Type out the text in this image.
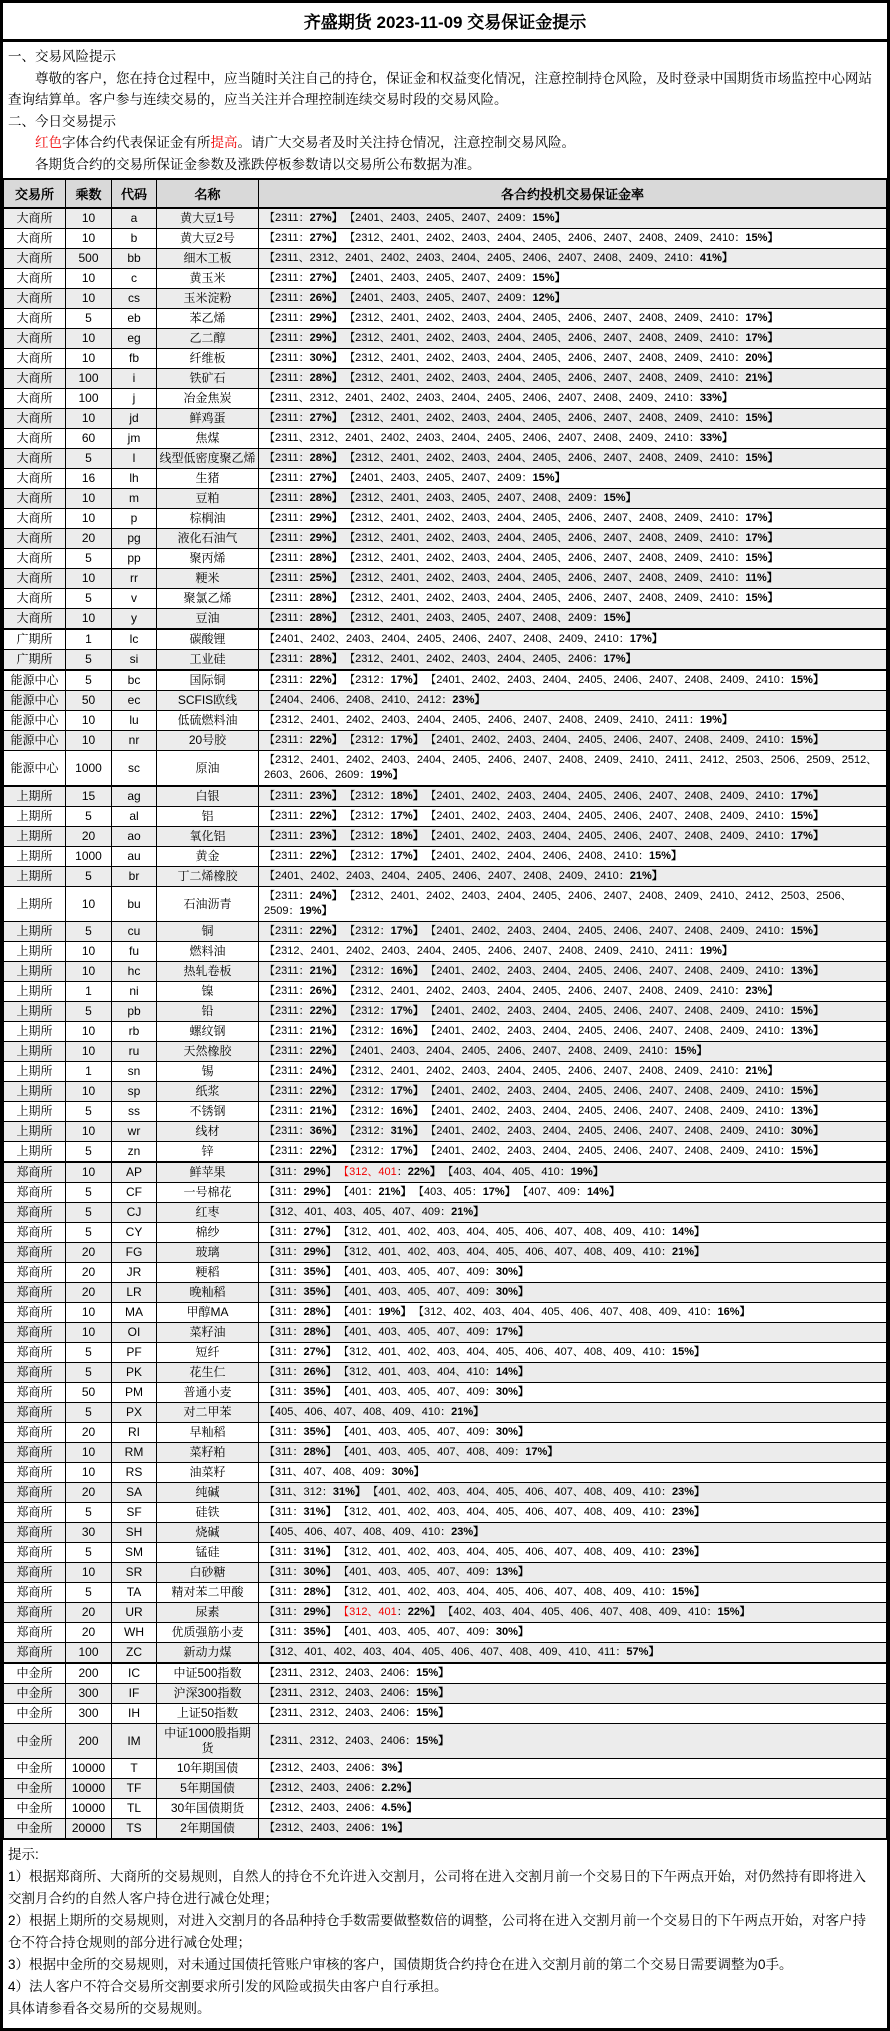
齐盛期货 2023-11-09 交易保证金提示

一、交易风险提示

尊敬的客户，您在持仓过程中，应当随时关注自己的持仓，保证金和权益变化情况，注意控制持仓风险，及时登录中国期货市场监控中心网站查询结算单。客户参与连续交易的，应当关注并合理控制连续交易时段的交易风险。

二、今日交易提示

红色字体合约代表保证金有所提高。请广大交易者及时关注持仓情况，注意控制交易风险。

各期货合约的交易所保证金参数及涨跌停板参数请以交易所公布数据为准。

交易所	乘数	代码	名称	各合约投机交易保证金率
大商所	10	a	黄大豆1号	【2311：27%】 【2401、2403、2405、2407、2409：15%】
大商所	10	b	黄大豆2号	【2311：27%】 【2312、2401、2402、2403、2404、2405、2406、2407、2408、2409、2410：15%】
大商所	500	bb	细木工板	【2311、2312、2401、2402、2403、2404、2405、2406、2407、2408、2409、2410：41%】
大商所	10	c	黄玉米	【2311：27%】 【2401、2403、2405、2407、2409：15%】
大商所	10	cs	玉米淀粉	【2311：26%】 【2401、2403、2405、2407、2409：12%】
大商所	5	eb	苯乙烯	【2311：29%】 【2312、2401、2402、2403、2404、2405、2406、2407、2408、2409、2410：17%】
大商所	10	eg	乙二醇	【2311：29%】 【2312、2401、2402、2403、2404、2405、2406、2407、2408、2409、2410：17%】
大商所	10	fb	纤维板	【2311：30%】 【2312、2401、2402、2403、2404、2405、2406、2407、2408、2409、2410：20%】
大商所	100	i	铁矿石	【2311：28%】 【2312、2401、2402、2403、2404、2405、2406、2407、2408、2409、2410：21%】
大商所	100	j	冶金焦炭	【2311、2312、2401、2402、2403、2404、2405、2406、2407、2408、2409、2410：33%】
大商所	10	jd	鲜鸡蛋	【2311：27%】 【2312、2401、2402、2403、2404、2405、2406、2407、2408、2409、2410：15%】
大商所	60	jm	焦煤	【2311、2312、2401、2402、2403、2404、2405、2406、2407、2408、2409、2410：33%】
大商所	5	l	线型低密度聚乙烯	【2311：28%】 【2312、2401、2402、2403、2404、2405、2406、2407、2408、2409、2410：15%】
大商所	16	lh	生猪	【2311：27%】 【2401、2403、2405、2407、2409：15%】
大商所	10	m	豆粕	【2311：28%】 【2312、2401、2403、2405、2407、2408、2409：15%】
大商所	10	p	棕榈油	【2311：29%】 【2312、2401、2402、2403、2404、2405、2406、2407、2408、2409、2410：17%】
大商所	20	pg	液化石油气	【2311：29%】 【2312、2401、2402、2403、2404、2405、2406、2407、2408、2409、2410：17%】
大商所	5	pp	聚丙烯	【2311：28%】 【2312、2401、2402、2403、2404、2405、2406、2407、2408、2409、2410：15%】
大商所	10	rr	粳米	【2311：25%】 【2312、2401、2402、2403、2404、2405、2406、2407、2408、2409、2410：11%】
大商所	5	v	聚氯乙烯	【2311：28%】 【2312、2401、2402、2403、2404、2405、2406、2407、2408、2409、2410：15%】
大商所	10	y	豆油	【2311：28%】 【2312、2401、2403、2405、2407、2408、2409：15%】
广期所	1	lc	碳酸锂	【2401、2402、2403、2404、2405、2406、2407、2408、2409、2410：17%】
广期所	5	si	工业硅	【2311：28%】 【2312、2401、2402、2403、2404、2405、2406：17%】
能源中心	5	bc	国际铜	【2311：22%】 【2312：17%】 【2401、2402、2403、2404、2405、2406、2407、2408、2409、2410：15%】
能源中心	50	ec	SCFIS欧线	【2404、2406、2408、2410、2412：23%】
能源中心	10	lu	低硫燃料油	【2312、2401、2402、2403、2404、2405、2406、2407、2408、2409、2410、2411：19%】
能源中心	10	nr	20号胶	【2311：22%】 【2312：17%】 【2401、2402、2403、2404、2405、2406、2407、2408、2409、2410：15%】
能源中心	1000	sc	原油	【2312、2401、2402、2403、2404、2405、2406、2407、2408、2409、2410、2411、2412、2503、2506、2509、2512、2603、2606、2609：19%】
上期所	15	ag	白银	【2311：23%】 【2312：18%】 【2401、2402、2403、2404、2405、2406、2407、2408、2409、2410：17%】
上期所	5	al	铝	【2311：22%】 【2312：17%】 【2401、2402、2403、2404、2405、2406、2407、2408、2409、2410：15%】
上期所	20	ao	氧化铝	【2311：23%】 【2312：18%】 【2401、2402、2403、2404、2405、2406、2407、2408、2409、2410：17%】
上期所	1000	au	黄金	【2311：22%】 【2312：17%】 【2401、2402、2404、2406、2408、2410：15%】
上期所	5	br	丁二烯橡胶	【2401、2402、2403、2404、2405、2406、2407、2408、2409、2410：21%】
上期所	10	bu	石油沥青	【2311：24%】 【2312、2401、2402、2403、2404、2405、2406、2407、2408、2409、2410、2412、2503、2506、2509：19%】
上期所	5	cu	铜	【2311：22%】 【2312：17%】 【2401、2402、2403、2404、2405、2406、2407、2408、2409、2410：15%】
上期所	10	fu	燃料油	【2312、2401、2402、2403、2404、2405、2406、2407、2408、2409、2410、2411：19%】
上期所	10	hc	热轧卷板	【2311：21%】 【2312：16%】 【2401、2402、2403、2404、2405、2406、2407、2408、2409、2410：13%】
上期所	1	ni	镍	【2311：26%】 【2312、2401、2402、2403、2404、2405、2406、2407、2408、2409、2410：23%】
上期所	5	pb	铅	【2311：22%】 【2312：17%】 【2401、2402、2403、2404、2405、2406、2407、2408、2409、2410：15%】
上期所	10	rb	螺纹钢	【2311：21%】 【2312：16%】 【2401、2402、2403、2404、2405、2406、2407、2408、2409、2410：13%】
上期所	10	ru	天然橡胶	【2311：22%】 【2401、2403、2404、2405、2406、2407、2408、2409、2410：15%】
上期所	1	sn	锡	【2311：24%】 【2312、2401、2402、2403、2404、2405、2406、2407、2408、2409、2410：21%】
上期所	10	sp	纸浆	【2311：22%】 【2312：17%】 【2401、2402、2403、2404、2405、2406、2407、2408、2409、2410：15%】
上期所	5	ss	不锈钢	【2311：21%】 【2312：16%】 【2401、2402、2403、2404、2405、2406、2407、2408、2409、2410：13%】
上期所	10	wr	线材	【2311：36%】 【2312：31%】 【2401、2402、2403、2404、2405、2406、2407、2408、2409、2410：30%】
上期所	5	zn	锌	【2311：22%】 【2312：17%】 【2401、2402、2403、2404、2405、2406、2407、2408、2409、2410：15%】
郑商所	10	AP	鲜苹果	【311：29%】 【312、401：22%】 【403、404、405、410：19%】
郑商所	5	CF	一号棉花	【311：29%】 【401：21%】 【403、405：17%】 【407、409：14%】
郑商所	5	CJ	红枣	【312、401、403、405、407、409：21%】
郑商所	5	CY	棉纱	【311：27%】 【312、401、402、403、404、405、406、407、408、409、410：14%】
郑商所	20	FG	玻璃	【311：29%】 【312、401、402、403、404、405、406、407、408、409、410：21%】
郑商所	20	JR	粳稻	【311：35%】 【401、403、405、407、409：30%】
郑商所	20	LR	晚籼稻	【311：35%】 【401、403、405、407、409：30%】
郑商所	10	MA	甲醇MA	【311：28%】 【401：19%】 【312、402、403、404、405、406、407、408、409、410：16%】
郑商所	10	OI	菜籽油	【311：28%】 【401、403、405、407、409：17%】
郑商所	5	PF	短纤	【311：27%】 【312、401、402、403、404、405、406、407、408、409、410：15%】
郑商所	5	PK	花生仁	【311：26%】 【312、401、403、404、410：14%】
郑商所	50	PM	普通小麦	【311：35%】 【401、403、405、407、409：30%】
郑商所	5	PX	对二甲苯	【405、406、407、408、409、410：21%】
郑商所	20	RI	早籼稻	【311：35%】 【401、403、405、407、409：30%】
郑商所	10	RM	菜籽粕	【311：28%】 【401、403、405、407、408、409：17%】
郑商所	10	RS	油菜籽	【311、407、408、409：30%】
郑商所	20	SA	纯碱	【311、312：31%】 【401、402、403、404、405、406、407、408、409、410：23%】
郑商所	5	SF	硅铁	【311：31%】 【312、401、402、403、404、405、406、407、408、409、410：23%】
郑商所	30	SH	烧碱	【405、406、407、408、409、410：23%】
郑商所	5	SM	锰硅	【311：31%】 【312、401、402、403、404、405、406、407、408、409、410：23%】
郑商所	10	SR	白砂糖	【311：30%】 【401、403、405、407、409：13%】
郑商所	5	TA	精对苯二甲酸	【311：28%】 【312、401、402、403、404、405、406、407、408、409、410：15%】
郑商所	20	UR	尿素	【311：29%】 【312、401：22%】 【402、403、404、405、406、407、408、409、410：15%】
郑商所	20	WH	优质强筋小麦	【311：35%】 【401、403、405、407、409：30%】
郑商所	100	ZC	新动力煤	【312、401、402、403、404、405、406、407、408、409、410、411：57%】
中金所	200	IC	中证500指数	【2311、2312、2403、2406：15%】
中金所	300	IF	沪深300指数	【2311、2312、2403、2406：15%】
中金所	300	IH	上证50指数	【2311、2312、2403、2406：15%】
中金所	200	IM	中证1000股指期货	【2311、2312、2403、2406：15%】
中金所	10000	T	10年期国债	【2312、2403、2406：3%】
中金所	10000	TF	5年期国债	【2312、2403、2406：2.2%】
中金所	10000	TL	30年国债期货	【2312、2403、2406：4.5%】
中金所	20000	TS	2年期国债	【2312、2403、2406：1%】

提示:

1）根据郑商所、大商所的交易规则，自然人的持仓不允许进入交割月，公司将在进入交割月前一个交易日的下午两点开始，对仍然持有即将进入交割月合约的自然人客户持仓进行减仓处理；

2）根据上期所的交易规则，对进入交割月的各品种持仓手数需要做整数倍的调整，公司将在进入交割月前一个交易日的下午两点开始，对客户持仓不符合持仓规则的部分进行减仓处理；

3）根据中金所的交易规则，对未通过国债托管账户审核的客户，国债期货合约持仓在进入交割月前的第二个交易日需要调整为0手。

4）法人客户不符合交易所交割要求所引发的风险或损失由客户自行承担。

具体请参看各交易所的交易规则。
